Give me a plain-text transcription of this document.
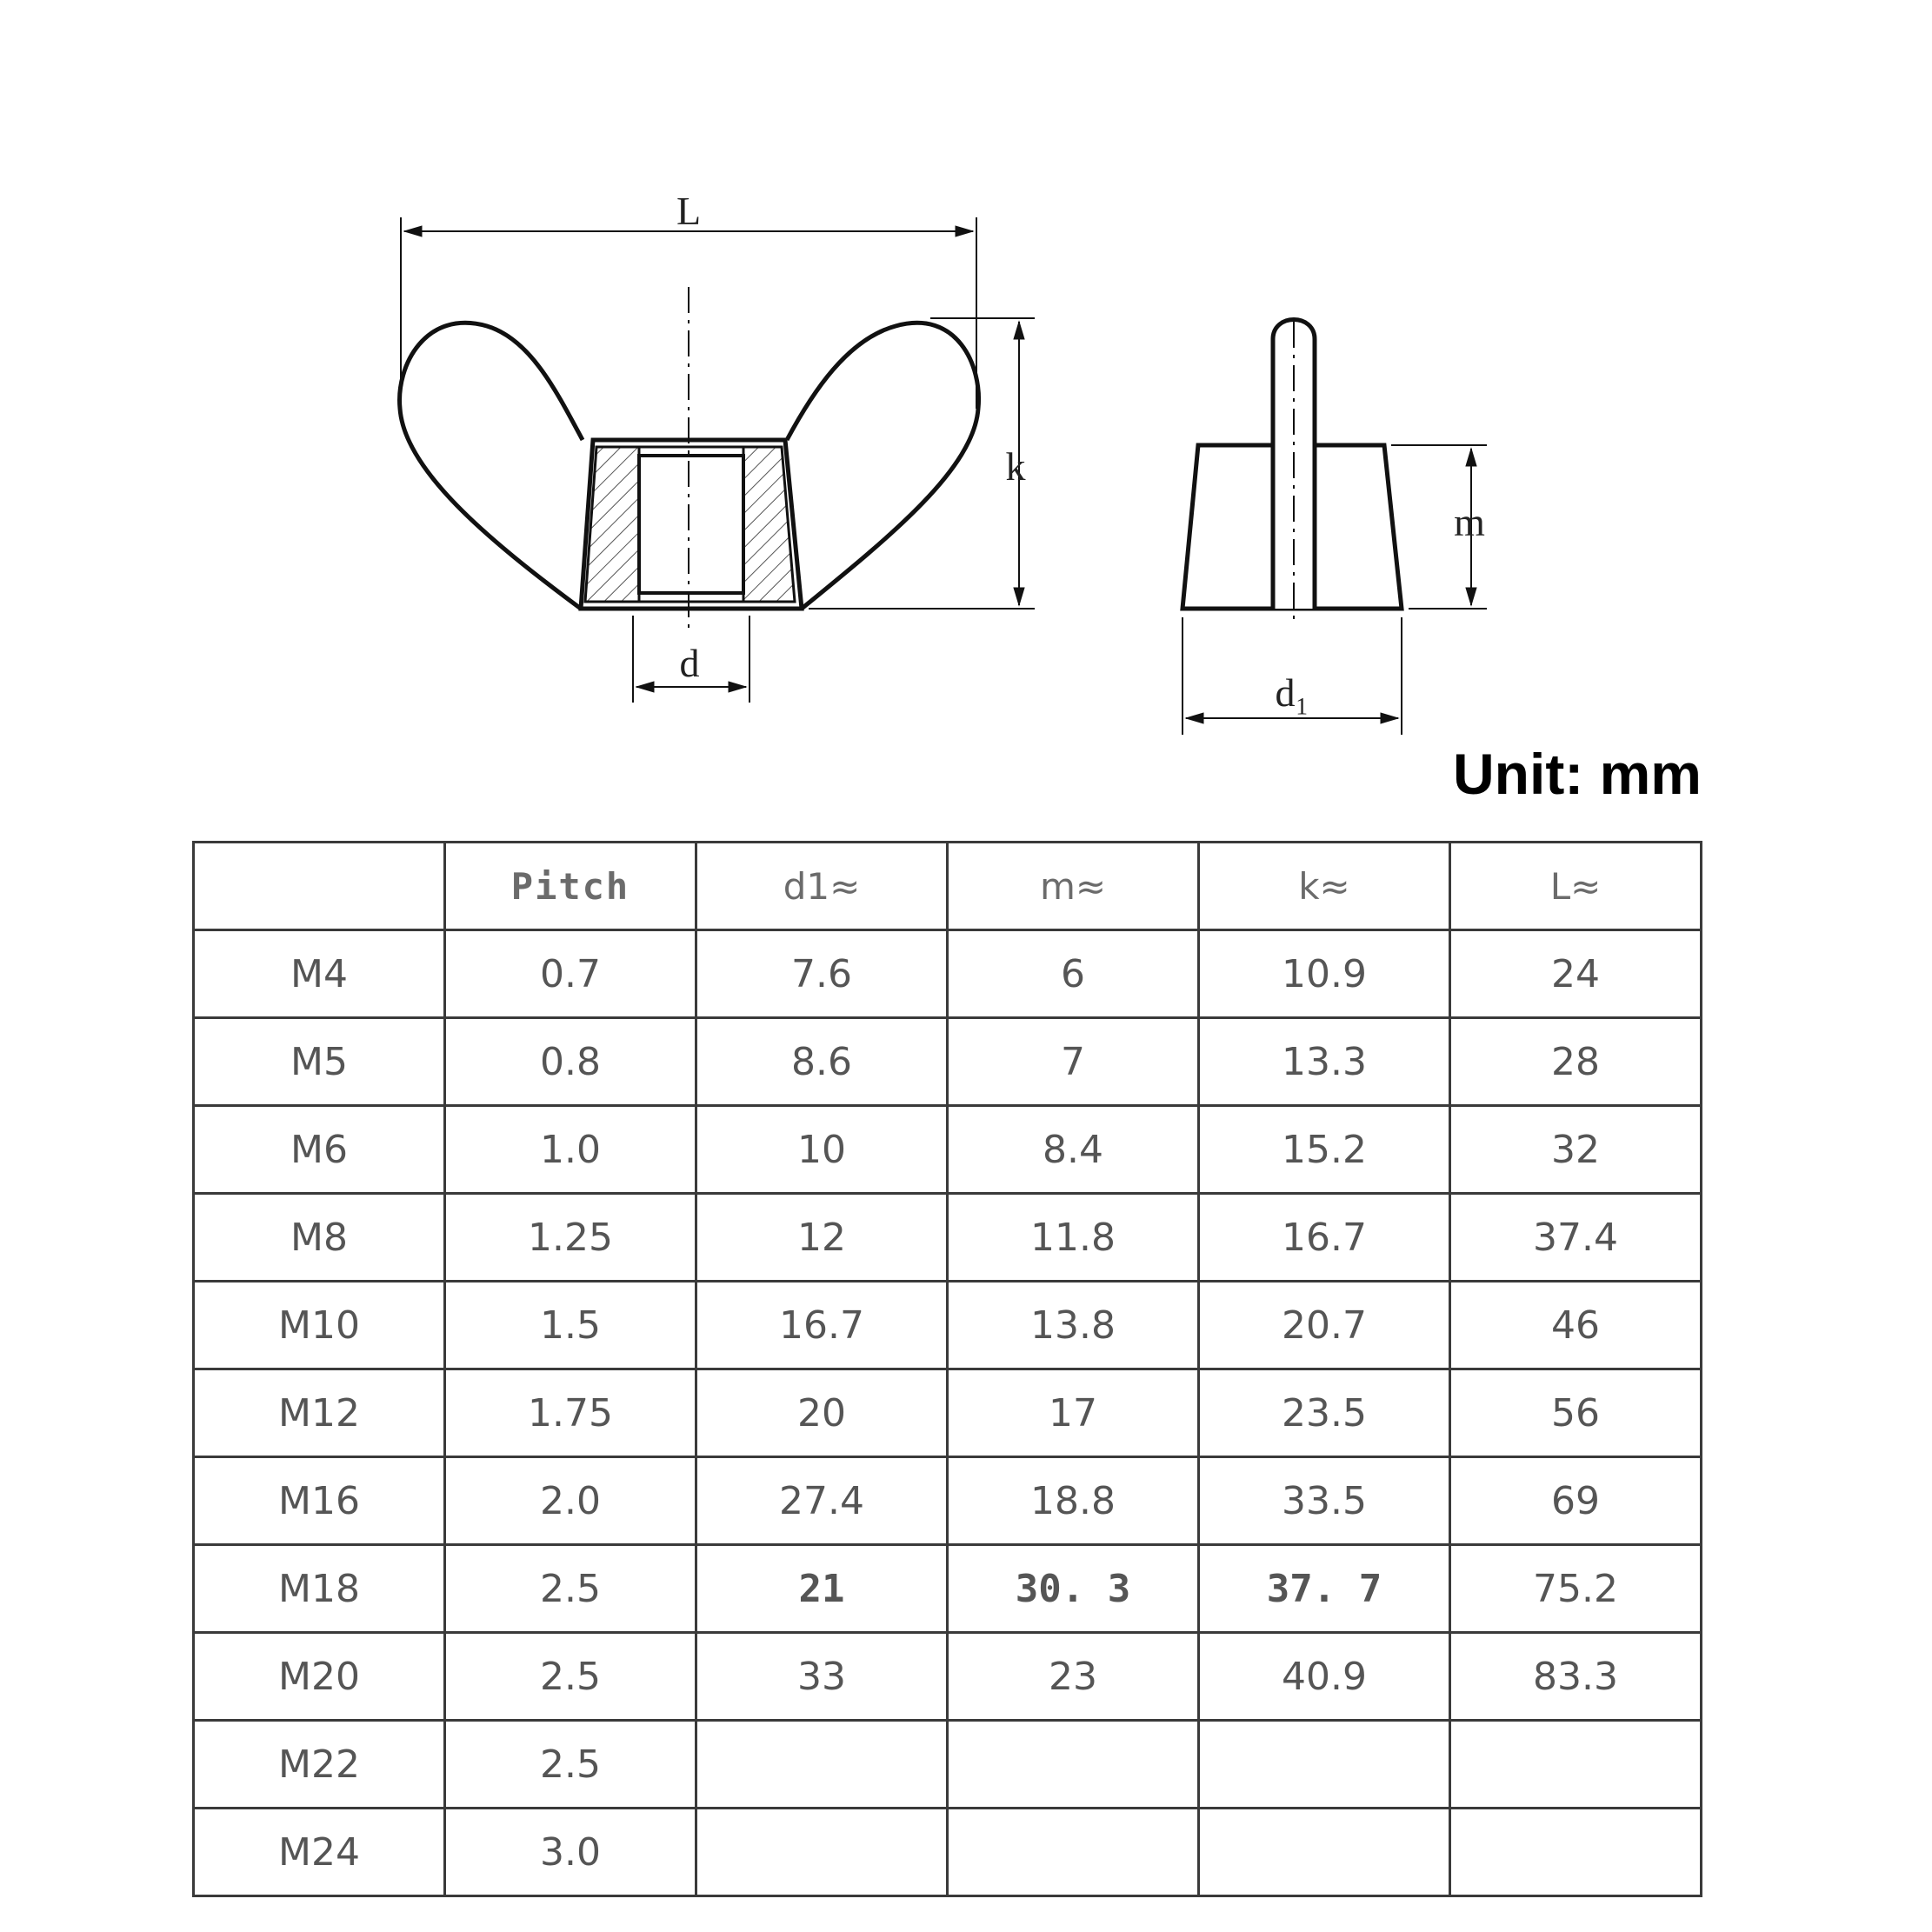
L
k
d
m
d₁
Unit: mm
	Pitch	d1≈	m≈	k≈	L≈
M4	0.7	7.6	6	10.9	24
M5	0.8	8.6	7	13.3	28
M6	1.0	10	8.4	15.2	32
M8	1.25	12	11.8	16.7	37.4
M10	1.5	16.7	13.8	20.7	46
M12	1.75	20	17	23.5	56
M16	2.0	27.4	18.8	33.5	69
M18	2.5	21	30. 3	37. 7	75.2
M20	2.5	33	23	40.9	83.3
M22	2.5				
M24	3.0				
